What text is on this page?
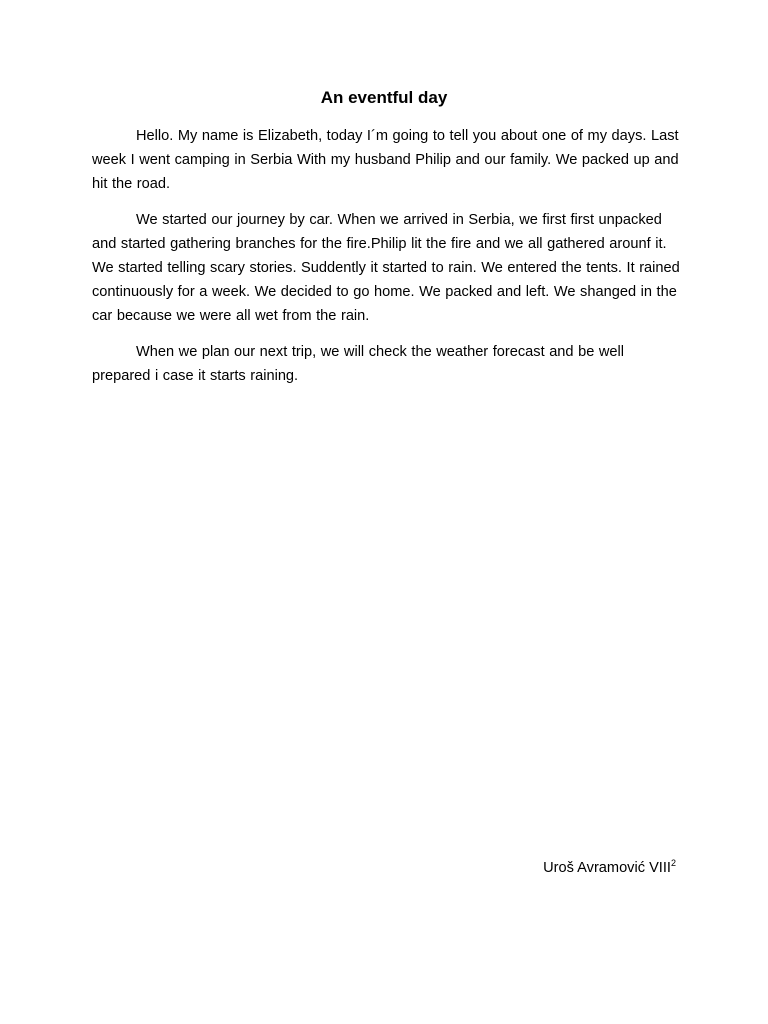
An eventful day

Hello. My name is Elizabeth, today I´m going to tell you about one of my days. Last week I went camping in Serbia With my husband Philip and our family. We packed up and hit the road.

We started our journey by car. When we arrived in Serbia, we first first unpacked and started gathering branches for the fire.Philip lit the fire and we all gathered arounf it. We started telling scary stories. Suddently it started to rain. We entered the tents. It rained continuously for a week. We decided to go home. We packed and left. We shanged in the car because we were all wet from the rain.

When we plan our next trip, we will check the weather forecast and be well prepared i case it starts raining.

Uroš Avramović VIII$^2$
